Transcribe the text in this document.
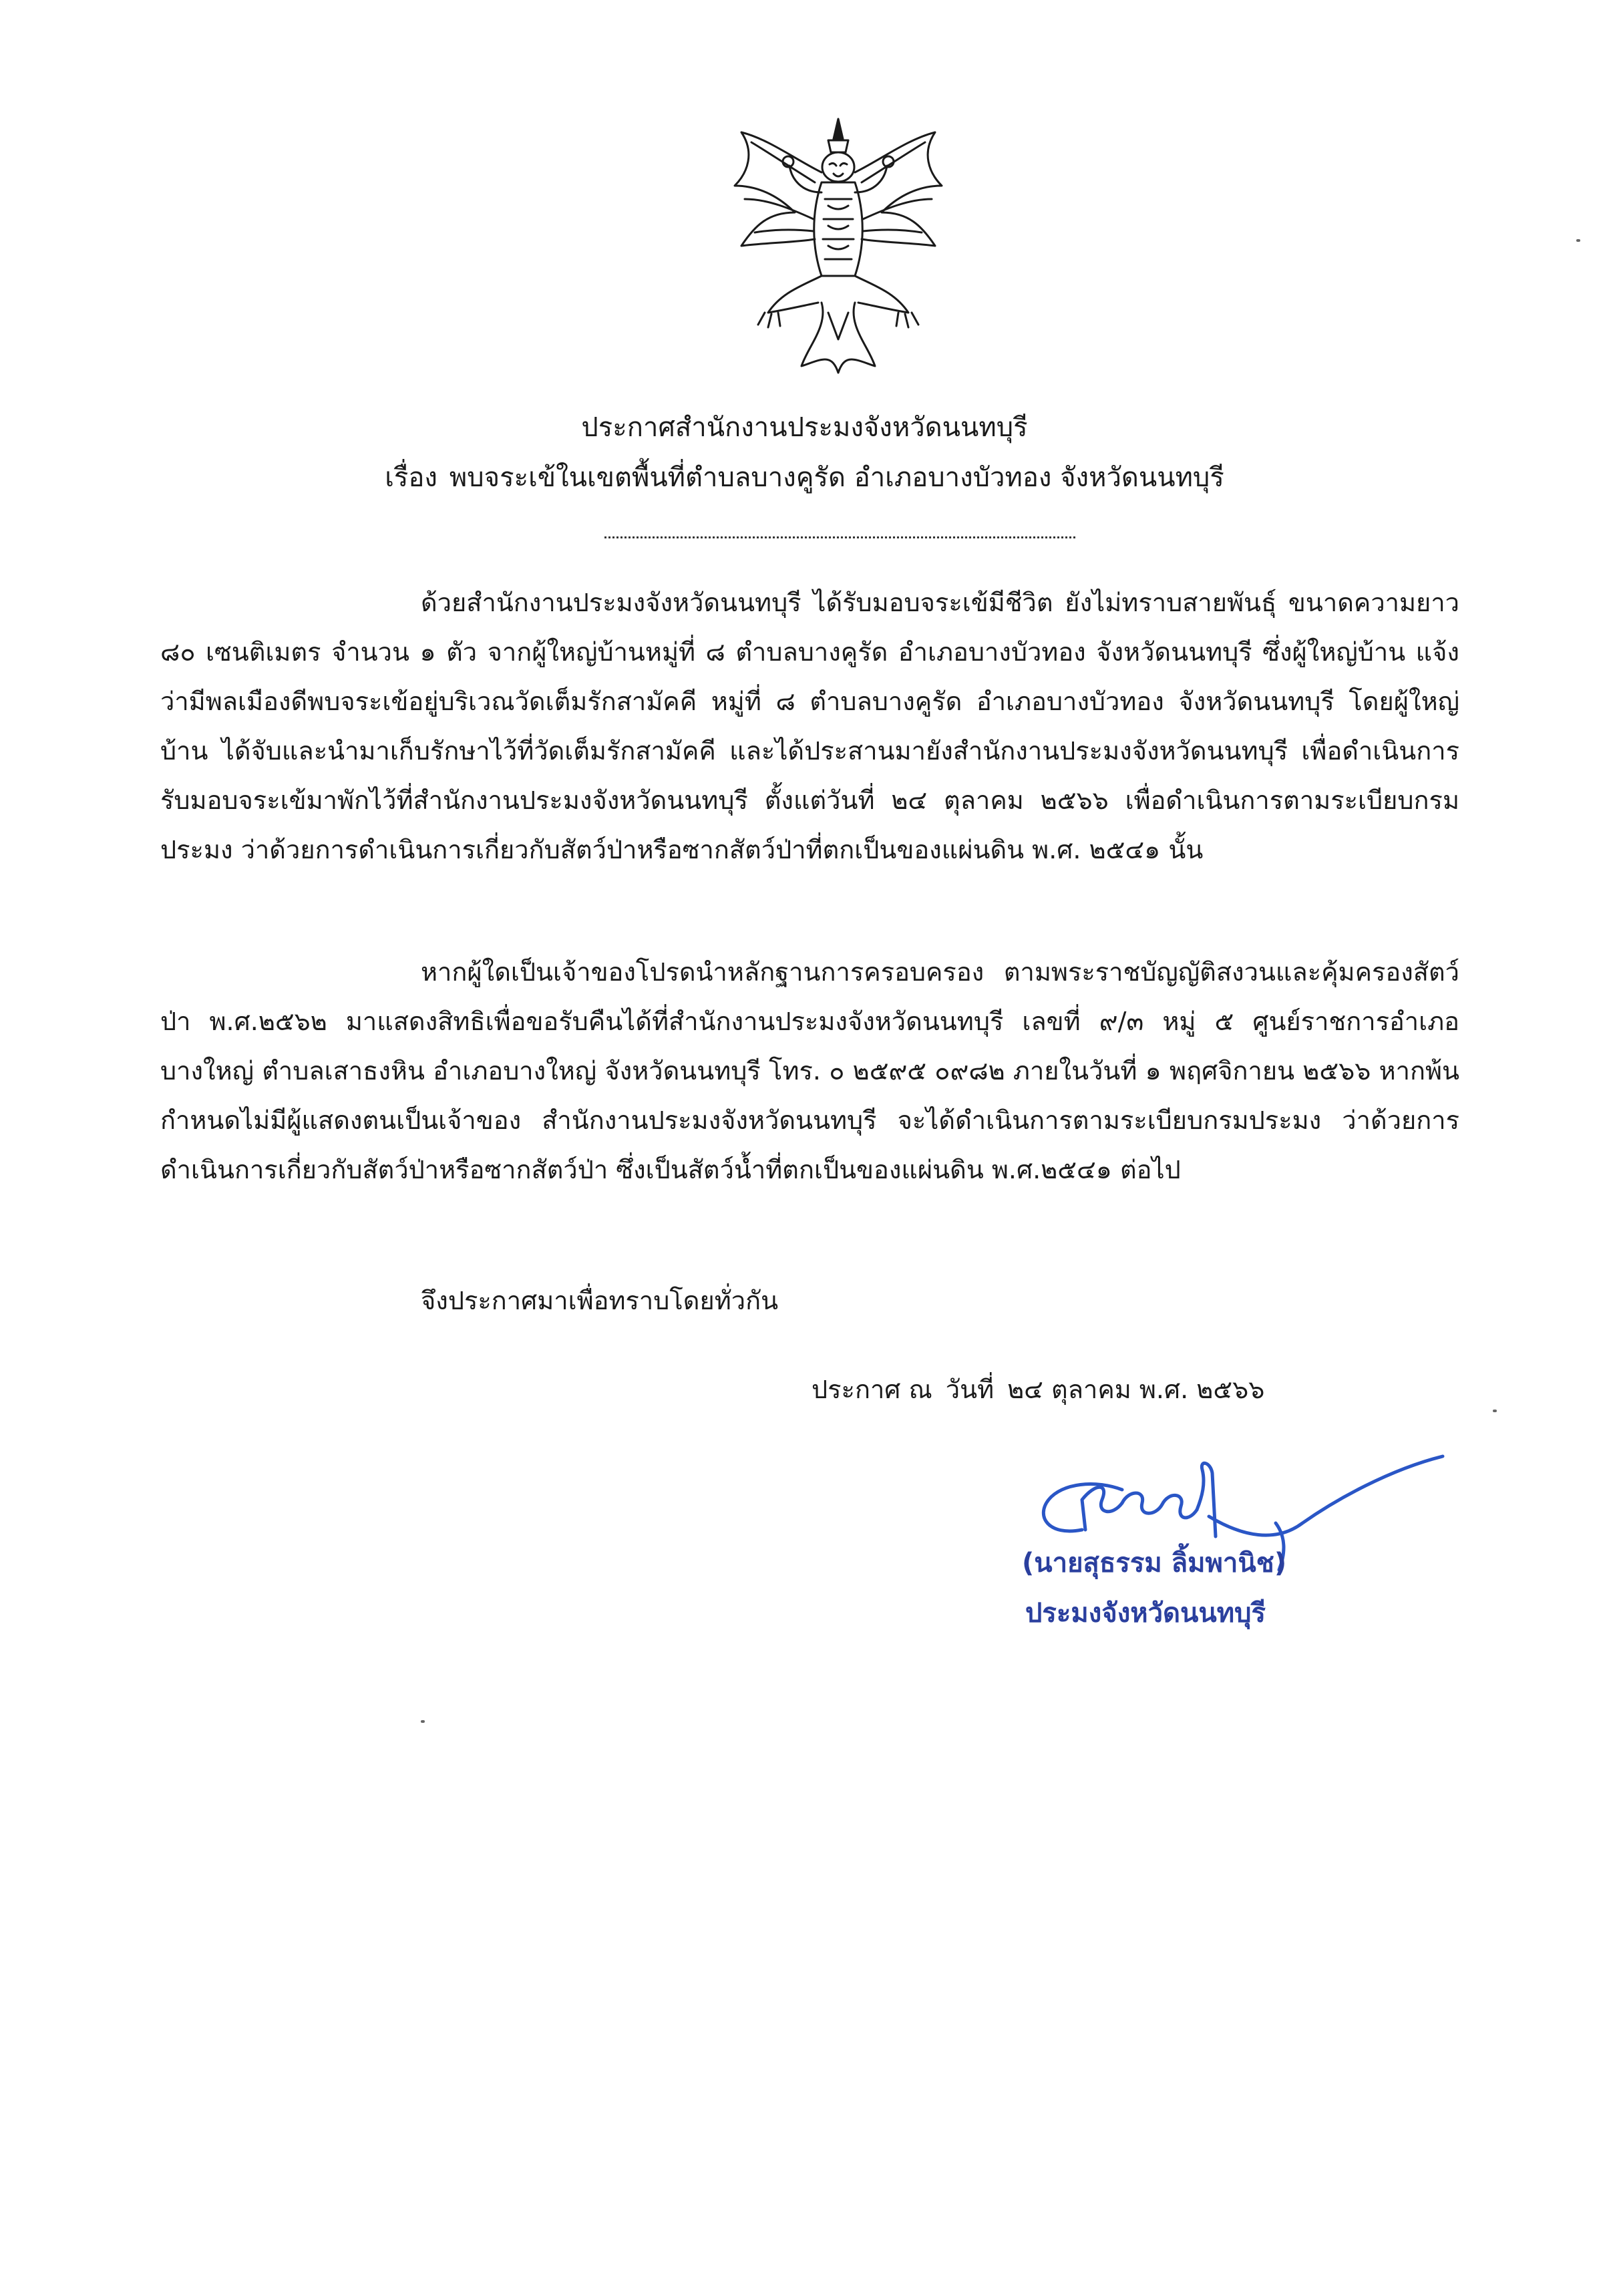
ประกาศสำนักงานประมงจังหวัดนนทบุรี
เรื่อง พบจระเข้ในเขตพื้นที่ตำบลบางคูรัด อำเภอบางบัวทอง จังหวัดนนทบุรี

ด้วยสำนักงานประมงจังหวัดนนทบุรี ได้รับมอบจระเข้มีชีวิต ยังไม่ทราบสายพันธุ์ ขนาดความยาว ๘๐ เซนติเมตร จำนวน ๑ ตัว จากผู้ใหญ่บ้านหมู่ที่ ๘ ตำบลบางคูรัด อำเภอบางบัวทอง จังหวัดนนทบุรี ซึ่งผู้ใหญ่บ้าน แจ้งว่ามีพลเมืองดีพบจระเข้อยู่บริเวณวัดเต็มรักสามัคคี หมู่ที่ ๘ ตำบลบางคูรัด อำเภอบางบัวทอง จังหวัดนนทบุรี โดยผู้ใหญ่บ้าน ได้จับและนำมาเก็บรักษาไว้ที่วัดเต็มรักสามัคคี และได้ประสานมายังสำนักงานประมงจังหวัดนนทบุรี เพื่อดำเนินการรับมอบจระเข้มาพักไว้ที่สำนักงานประมงจังหวัดนนทบุรี ตั้งแต่วันที่ ๒๔ ตุลาคม ๒๕๖๖ เพื่อดำเนินการตามระเบียบกรมประมง ว่าด้วยการดำเนินการเกี่ยวกับสัตว์ป่าหรือซากสัตว์ป่าที่ตกเป็นของแผ่นดิน พ.ศ. ๒๕๔๑ นั้น

หากผู้ใดเป็นเจ้าของโปรดนำหลักฐานการครอบครอง ตามพระราชบัญญัติสงวนและคุ้มครองสัตว์ป่า พ.ศ.๒๕๖๒ มาแสดงสิทธิเพื่อขอรับคืนได้ที่สำนักงานประมงจังหวัดนนทบุรี เลขที่ ๙/๓ หมู่ ๕ ศูนย์ราชการอำเภอบางใหญ่ ตำบลเสาธงหิน อำเภอบางใหญ่ จังหวัดนนทบุรี โทร. ๐ ๒๕๙๕ ๐๙๘๒ ภายในวันที่ ๑ พฤศจิกายน ๒๕๖๖ หากพ้นกำหนดไม่มีผู้แสดงตนเป็นเจ้าของ สำนักงานประมงจังหวัดนนทบุรี จะได้ดำเนินการตามระเบียบกรมประมง ว่าด้วยการดำเนินการเกี่ยวกับสัตว์ป่าหรือซากสัตว์ป่า ซึ่งเป็นสัตว์น้ำที่ตกเป็นของแผ่นดิน พ.ศ.๒๕๔๑ ต่อไป

จึงประกาศมาเพื่อทราบโดยทั่วกัน

ประกาศ ณ วันที่ ๒๔ ตุลาคม พ.ศ. ๒๕๖๖
(นายสุธรรม ลิ้มพานิช)
ประมงจังหวัดนนทบุรี
